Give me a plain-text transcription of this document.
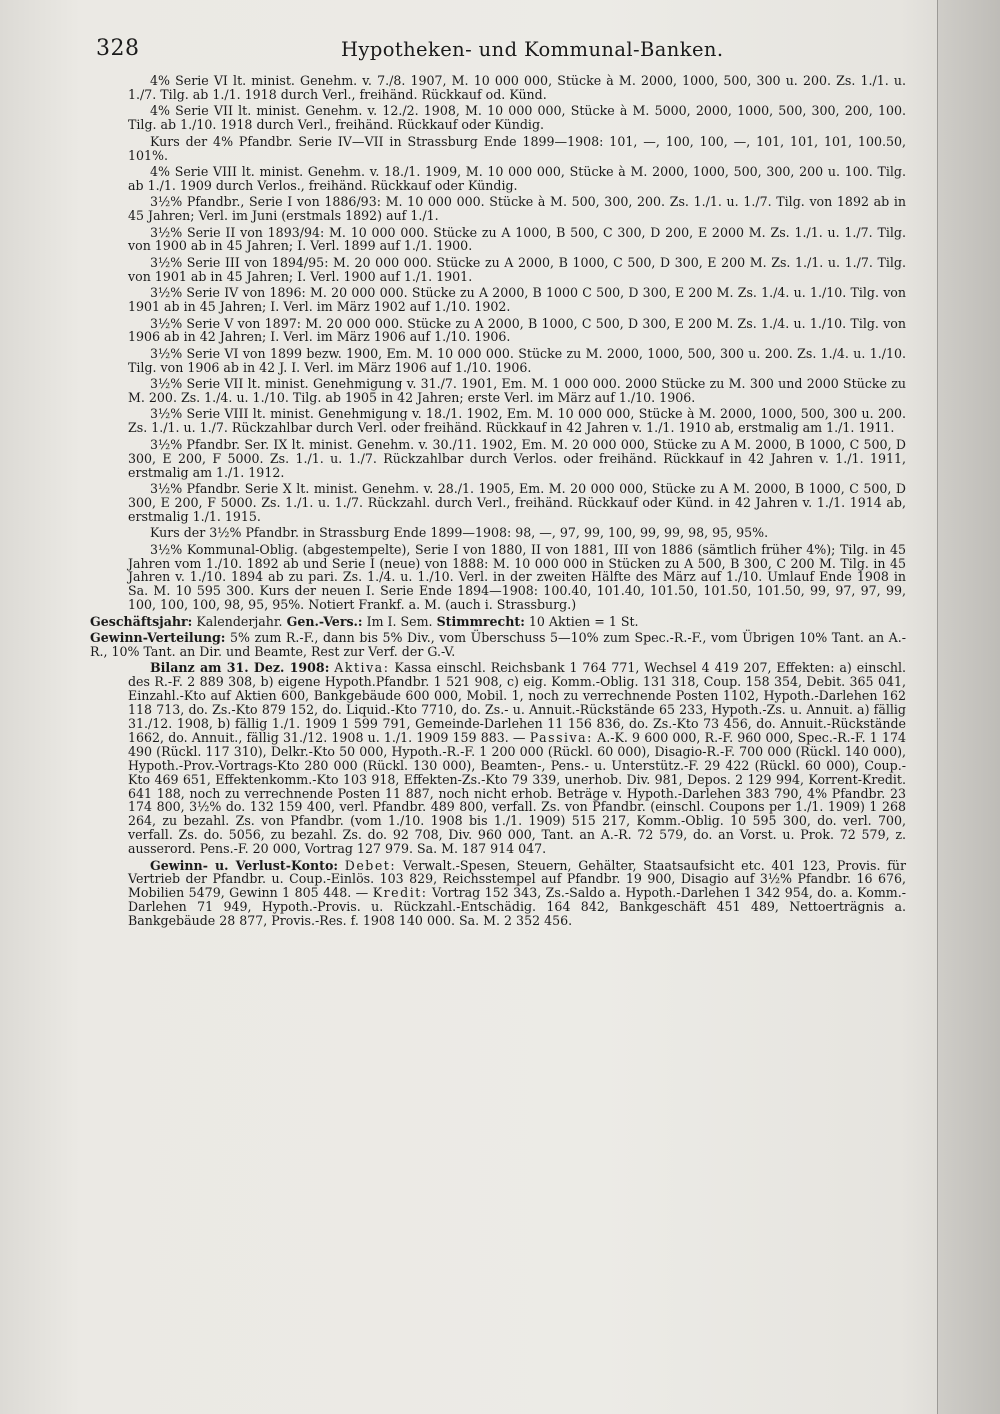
328	Hypotheken- und Kommunal-Banken.

4% Serie VI lt. minist. Genehm. v. 7./8. 1907, M. 10 000 000, Stücke à M. 2000, 1000, 500, 300 u. 200. Zs. 1./1. u. 1./7. Tilg. ab 1./1. 1918 durch Verl., freihänd. Rückkauf od. Künd.

4% Serie VII lt. minist. Genehm. v. 12./2. 1908, M. 10 000 000, Stücke à M. 5000, 2000, 1000, 500, 300, 200, 100. Tilg. ab 1./10. 1918 durch Verl., freihänd. Rückkauf oder Kündig.

Kurs der 4% Pfandbr. Serie IV—VII in Strassburg Ende 1899—1908: 101, —, 100, 100, —, 101, 101, 101, 100.50, 101%.

4% Serie VIII lt. minist. Genehm. v. 18./1. 1909, M. 10 000 000, Stücke à M. 2000, 1000, 500, 300, 200 u. 100. Tilg. ab 1./1. 1909 durch Verlos., freihänd. Rückkauf oder Kündig.

3½% Pfandbr., Serie I von 1886/93: M. 10 000 000. Stücke à M. 500, 300, 200. Zs. 1./1. u. 1./7. Tilg. von 1892 ab in 45 Jahren; Verl. im Juni (erstmals 1892) auf 1./1.

3½% Serie II von 1893/94: M. 10 000 000. Stücke zu A 1000, B 500, C 300, D 200, E 2000 M. Zs. 1./1. u. 1./7. Tilg. von 1900 ab in 45 Jahren; I. Verl. 1899 auf 1./1. 1900.

3½% Serie III von 1894/95: M. 20 000 000. Stücke zu A 2000, B 1000, C 500, D 300, E 200 M. Zs. 1./1. u. 1./7. Tilg. von 1901 ab in 45 Jahren; I. Verl. 1900 auf 1./1. 1901.

3½% Serie IV von 1896: M. 20 000 000. Stücke zu A 2000, B 1000 C 500, D 300, E 200 M. Zs. 1./4. u. 1./10. Tilg. von 1901 ab in 45 Jahren; I. Verl. im März 1902 auf 1./10. 1902.

3½% Serie V von 1897: M. 20 000 000. Stücke zu A 2000, B 1000, C 500, D 300, E 200 M. Zs. 1./4. u. 1./10. Tilg. von 1906 ab in 42 Jahren; I. Verl. im März 1906 auf 1./10. 1906.

3½% Serie VI von 1899 bezw. 1900, Em. M. 10 000 000. Stücke zu M. 2000, 1000, 500, 300 u. 200. Zs. 1./4. u. 1./10. Tilg. von 1906 ab in 42 J. I. Verl. im März 1906 auf 1./10. 1906.

3½% Serie VII lt. minist. Genehmigung v. 31./7. 1901, Em. M. 1 000 000. 2000 Stücke zu M. 300 und 2000 Stücke zu M. 200. Zs. 1./4. u. 1./10. Tilg. ab 1905 in 42 Jahren; erste Verl. im März auf 1./10. 1906.

3½% Serie VIII lt. minist. Genehmigung v. 18./1. 1902, Em. M. 10 000 000, Stücke à M. 2000, 1000, 500, 300 u. 200. Zs. 1./1. u. 1./7. Rückzahlbar durch Verl. oder freihänd. Rückkauf in 42 Jahren v. 1./1. 1910 ab, erstmalig am 1./1. 1911.

3½% Pfandbr. Ser. IX lt. minist. Genehm. v. 30./11. 1902, Em. M. 20 000 000, Stücke zu A M. 2000, B 1000, C 500, D 300, E 200, F 5000. Zs. 1./1. u. 1./7. Rückzahlbar durch Verlos. oder freihänd. Rückkauf in 42 Jahren v. 1./1. 1911, erstmalig am 1./1. 1912.

3½% Pfandbr. Serie X lt. minist. Genehm. v. 28./1. 1905, Em. M. 20 000 000, Stücke zu A M. 2000, B 1000, C 500, D 300, E 200, F 5000. Zs. 1./1. u. 1./7. Rückzahl. durch Verl., freihänd. Rückkauf oder Künd. in 42 Jahren v. 1./1. 1914 ab, erstmalig 1./1. 1915.

Kurs der 3½% Pfandbr. in Strassburg Ende 1899—1908: 98, —, 97, 99, 100, 99, 99, 98, 95, 95%.

3½% Kommunal-Oblig. (abgestempelte), Serie I von 1880, II von 1881, III von 1886 (sämtlich früher 4%); Tilg. in 45 Jahren vom 1./10. 1892 ab und Serie I (neue) von 1888: M. 10 000 000 in Stücken zu A 500, B 300, C 200 M. Tilg. in 45 Jahren v. 1./10. 1894 ab zu pari. Zs. 1./4. u. 1./10. Verl. in der zweiten Hälfte des März auf 1./10. Umlauf Ende 1908 in Sa. M. 10 595 300. Kurs der neuen I. Serie Ende 1894—1908: 100.40, 101.40, 101.50, 101.50, 101.50, 99, 97, 97, 99, 100, 100, 100, 98, 95, 95%. Notiert Frankf. a. M. (auch i. Strassburg.)

Geschäftsjahr: Kalenderjahr. Gen.-Vers.: Im I. Sem. Stimmrecht: 10 Aktien = 1 St.

Gewinn-Verteilung: 5% zum R.-F., dann bis 5% Div., vom Überschuss 5—10% zum Spec.-R.-F., vom Übrigen 10% Tant. an A.-R., 10% Tant. an Dir. und Beamte, Rest zur Verf. der G.-V.

Bilanz am 31. Dez. 1908: Aktiva: Kassa einschl. Reichsbank 1 764 771, Wechsel 4 419 207, Effekten: a) einschl. des R.-F. 2 889 308, b) eigene Hypoth.Pfandbr. 1 521 908, c) eig. Komm.-Oblig. 131 318, Coup. 158 354, Debit. 365 041, Einzahl.-Kto auf Aktien 600, Bankgebäude 600 000, Mobil. 1, noch zu verrechnende Posten 1102, Hypoth.-Darlehen 162 118 713, do. Zs.-Kto 879 152, do. Liquid.-Kto 7710, do. Zs.- u. Annuit.-Rückstände 65 233, Hypoth.-Zs. u. Annuit. a) fällig 31./12. 1908, b) fällig 1./1. 1909 1 599 791, Gemeinde-Darlehen 11 156 836, do. Zs.-Kto 73 456, do. Annuit.-Rückstände 1662, do. Annuit., fällig 31./12. 1908 u. 1./1. 1909 159 883. — Passiva: A.-K. 9 600 000, R.-F. 960 000, Spec.-R.-F. 1 174 490 (Rückl. 117 310), Delkr.-Kto 50 000, Hypoth.-R.-F. 1 200 000 (Rückl. 60 000), Disagio-R.-F. 700 000 (Rückl. 140 000), Hypoth.-Prov.-Vortrags-Kto 280 000 (Rückl. 130 000), Beamten-, Pens.- u. Unterstütz.-F. 29 422 (Rückl. 60 000), Coup.-Kto 469 651, Effektenkomm.-Kto 103 918, Effekten-Zs.-Kto 79 339, unerhob. Div. 981, Depos. 2 129 994, Korrent-Kredit. 641 188, noch zu verrechnende Posten 11 887, noch nicht erhob. Beträge v. Hypoth.-Darlehen 383 790, 4% Pfandbr. 23 174 800, 3½% do. 132 159 400, verl. Pfandbr. 489 800, verfall. Zs. von Pfandbr. (einschl. Coupons per 1./1. 1909) 1 268 264, zu bezahl. Zs. von Pfandbr. (vom 1./10. 1908 bis 1./1. 1909) 515 217, Komm.-Oblig. 10 595 300, do. verl. 700, verfall. Zs. do. 5056, zu bezahl. Zs. do. 92 708, Div. 960 000, Tant. an A.-R. 72 579, do. an Vorst. u. Prok. 72 579, z. ausserord. Pens.-F. 20 000, Vortrag 127 979. Sa. M. 187 914 047.

Gewinn- u. Verlust-Konto: Debet: Verwalt.-Spesen, Steuern, Gehälter, Staatsaufsicht etc. 401 123, Provis. für Vertrieb der Pfandbr. u. Coup.-Einlös. 103 829, Reichsstempel auf Pfandbr. 19 900, Disagio auf 3½% Pfandbr. 16 676, Mobilien 5479, Gewinn 1 805 448. — Kredit: Vortrag 152 343, Zs.-Saldo a. Hypoth.-Darlehen 1 342 954, do. a. Komm.-Darlehen 71 949, Hypoth.-Provis. u. Rückzahl.-Entschädig. 164 842, Bankgeschäft 451 489, Nettoerträgnis a. Bankgebäude 28 877, Provis.-Res. f. 1908 140 000. Sa. M. 2 352 456.
